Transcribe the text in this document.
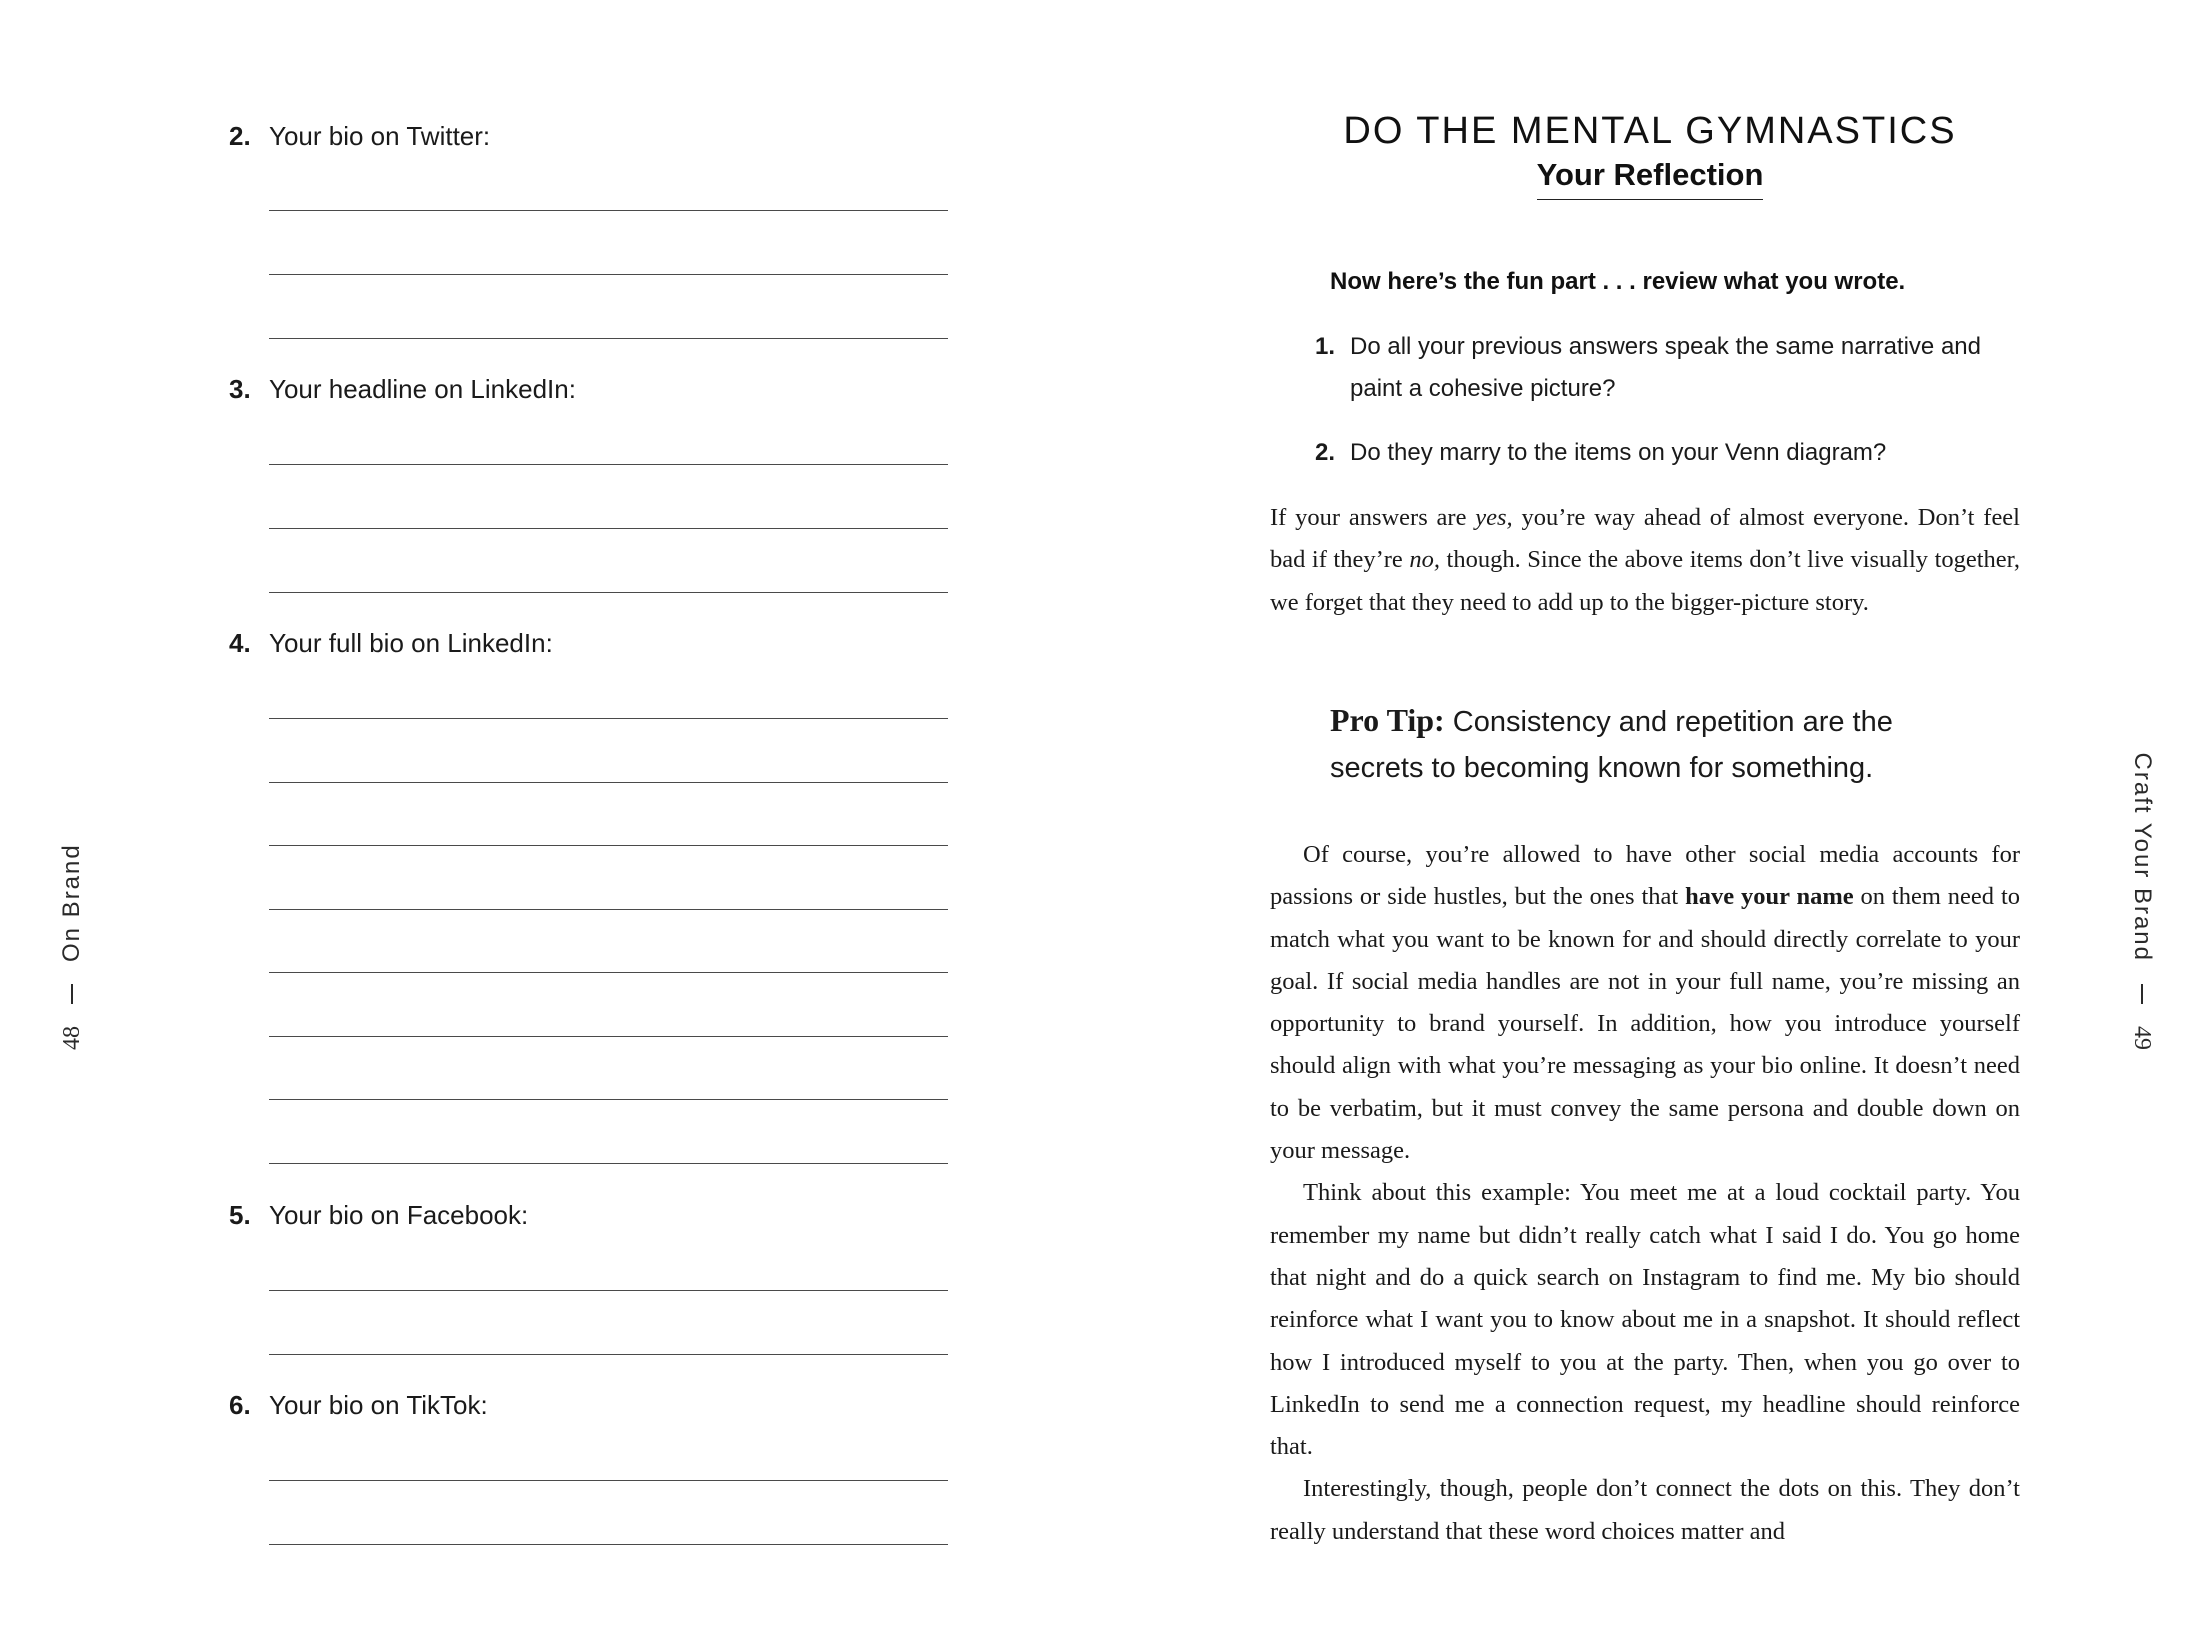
2. Your bio on Twitter:
3. Your headline on LinkedIn:
4. Your full bio on LinkedIn:
5. Your bio on Facebook:
6. Your bio on TikTok:
48
On Brand
DO THE MENTAL GYMNASTICS
Your Reflection
Now here’s the fun part . . . review what you wrote.
1. Do all your previous answers speak the same narrative and paint a cohesive picture?
2. Do they marry to the items on your Venn diagram?

If your answers are yes, you’re way ahead of almost everyone. Don’t feel bad if they’re no, though. Since the above items don’t live visually together, we forget that they need to add up to the bigger-picture story.

Pro Tip: Consistency and repetition are the secrets to becoming known for something.

Of course, you’re allowed to have other social media accounts for passions or side hustles, but the ones that have your name on them need to match what you want to be known for and should directly correlate to your goal. If social media handles are not in your full name, you’re missing an opportunity to brand yourself. In addition, how you introduce yourself should align with what you’re messaging as your bio online. It doesn’t need to be verbatim, but it must convey the same persona and double down on your message.

Think about this example: You meet me at a loud cocktail party. You remember my name but didn’t really catch what I said I do. You go home that night and do a quick search on Instagram to find me. My bio should reinforce what I want you to know about me in a snapshot. It should reflect how I introduced myself to you at the party. Then, when you go over to LinkedIn to send me a connection request, my headline should reinforce that.

Interestingly, though, people don’t connect the dots on this. They don’t really understand that these word choices matter and

Craft Your Brand
49
